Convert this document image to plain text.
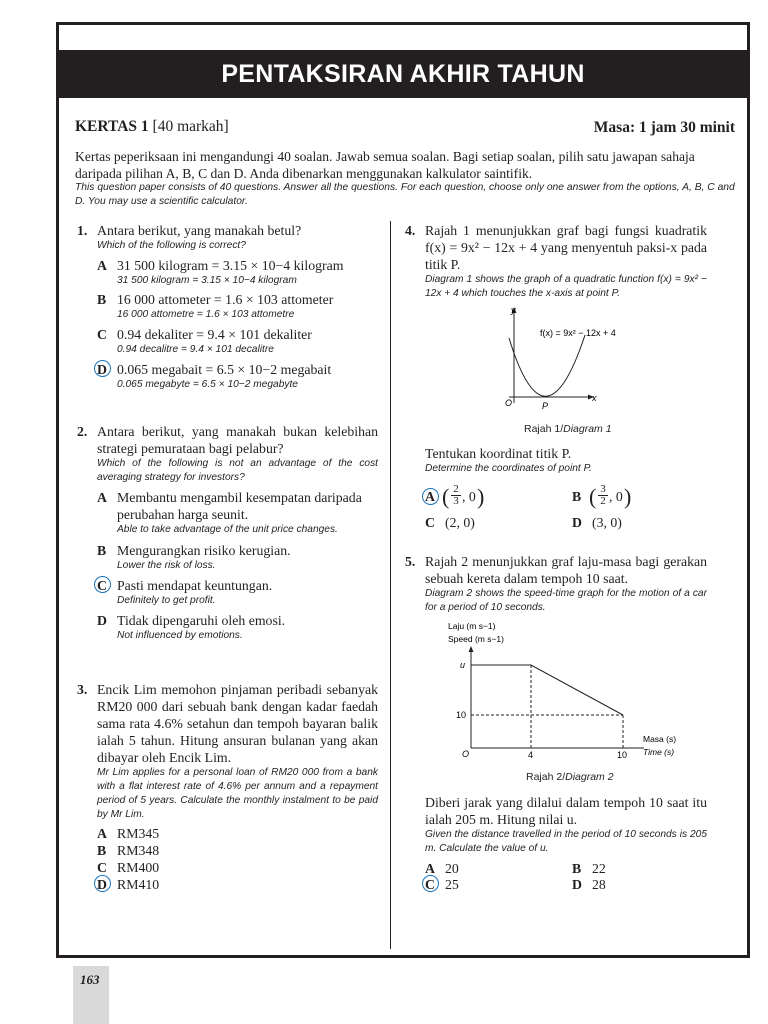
PENTAKSIRAN AKHIR TAHUN
KERTAS 1 [40 markah]	Masa: 1 jam 30 minit
Kertas peperiksaan ini mengandungi 40 soalan. Jawab semua soalan. Bagi setiap soalan, pilih satu jawapan sahaja daripada pilihan A, B, C dan D. Anda dibenarkan menggunakan kalkulator saintifik.
This question paper consists of 40 questions. Answer all the questions. For each question, choose only one answer from the options, A, B, C and D. You may use a scientific calculator.
1. Antara berikut, yang manakah betul?
Which of the following is correct?
A 31 500 kilogram = 3.15 × 10−4 kilogram
31 500 kilogram = 3.15 × 10−4 kilogram
B 16 000 attometer = 1.6 × 103 attometer
16 000 attometre = 1.6 × 103 attometre
C 0.94 dekaliter = 9.4 × 101 dekaliter
0.94 decalitre = 9.4 × 101 decalitre
D 0.065 megabait = 6.5 × 10−2 megabait
0.065 megabyte = 6.5 × 10−2 megabyte
2. Antara berikut, yang manakah bukan kelebihan strategi pemurataan bagi pelabur?
Which of the following is not an advantage of the cost averaging strategy for investors?
A Membantu mengambil kesempatan daripada perubahan harga seunit.
Able to take advantage of the unit price changes.
B Mengurangkan risiko kerugian.
Lower the risk of loss.
C Pasti mendapat keuntungan.
Definitely to get profit.
D Tidak dipengaruhi oleh emosi.
Not influenced by emotions.
3. Encik Lim memohon pinjaman peribadi sebanyak RM20 000 dari sebuah bank dengan kadar faedah sama rata 4.6% setahun dan tempoh bayaran balik ialah 5 tahun. Hitung ansuran bulanan yang akan dibayar oleh Encik Lim.
Mr Lim applies for a personal loan of RM20 000 from a bank with a flat interest rate of 4.6% per annum and a repayment period of 5 years. Calculate the monthly instalment to be paid by Mr Lim.
A RM345
B RM348
C RM400
D RM410
4. Rajah 1 menunjukkan graf bagi fungsi kuadratik f(x) = 9x² − 12x + 4 yang menyentuh paksi-x pada titik P.
Diagram 1 shows the graph of a quadratic function f(x) = 9x² − 12x + 4 which touches the x-axis at point P.
y
x
O	P
f(x) = 9x² − 12x + 4
Rajah 1/Diagram 1
Tentukan koordinat titik P.
Determine the coordinates of point P.
A ( $\frac{2}{3}$ , 0 )	B ( $\frac{3}{2}$ , 0 )
C (2, 0)	D (3, 0)
5. Rajah 2 menunjukkan graf laju-masa bagi gerakan sebuah kereta dalam tempoh 10 saat.
Diagram 2 shows the speed-time graph for the motion of a car for a period of 10 seconds.
Laju (m s−1)
Speed (m s−1)
u
10
O	4	10
Masa (s)
Time (s)
Rajah 2/Diagram 2
Diberi jarak yang dilalui dalam tempoh 10 saat itu ialah 205 m. Hitung nilai u.
Given the distance travelled in the period of 10 seconds is 205 m. Calculate the value of u.
A 20	B 22
C 25	D 28
163
